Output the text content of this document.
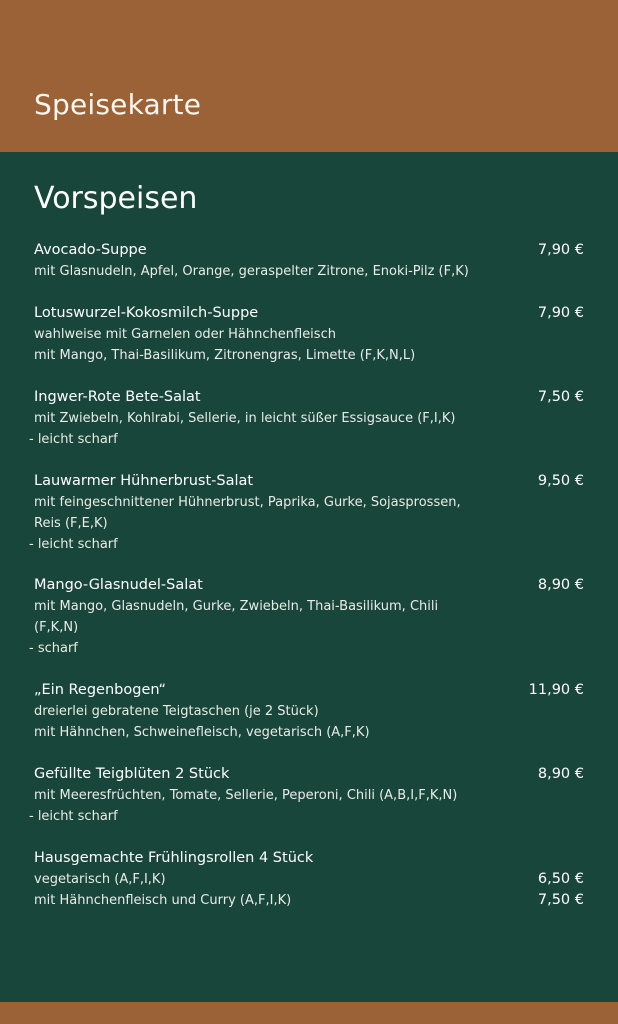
Speisekarte
Vorspeisen
Avocado-Suppe	7,90 €
mit Glasnudeln, Apfel, Orange, geraspelter Zitrone, Enoki-Pilz (F,K)
Lotuswurzel-Kokosmilch-Suppe	7,90 €
wahlweise mit Garnelen oder Hähnchenfleisch
mit Mango, Thai-Basilikum, Zitronengras, Limette (F,K,N,L)
Ingwer-Rote Bete-Salat	7,50 €
mit Zwiebeln, Kohlrabi, Sellerie, in leicht süßer Essigsauce (F,I,K)
- leicht scharf
Lauwarmer Hühnerbrust-Salat	9,50 €
mit feingeschnittener Hühnerbrust, Paprika, Gurke, Sojasprossen,
Reis (F,E,K)
- leicht scharf
Mango-Glasnudel-Salat	8,90 €
mit Mango, Glasnudeln, Gurke, Zwiebeln, Thai-Basilikum, Chili
(F,K,N)
- scharf
„Ein Regenbogen“	11,90 €
dreierlei gebratene Teigtaschen (je 2 Stück)
mit Hähnchen, Schweinefleisch, vegetarisch (A,F,K)
Gefüllte Teigblüten 2 Stück	8,90 €
mit Meeresfrüchten, Tomate, Sellerie, Peperoni, Chili (A,B,I,F,K,N)
- leicht scharf
Hausgemachte Frühlingsrollen 4 Stück
vegetarisch (A,F,I,K)	6,50 €
mit Hähnchenfleisch und Curry (A,F,I,K)	7,50 €
